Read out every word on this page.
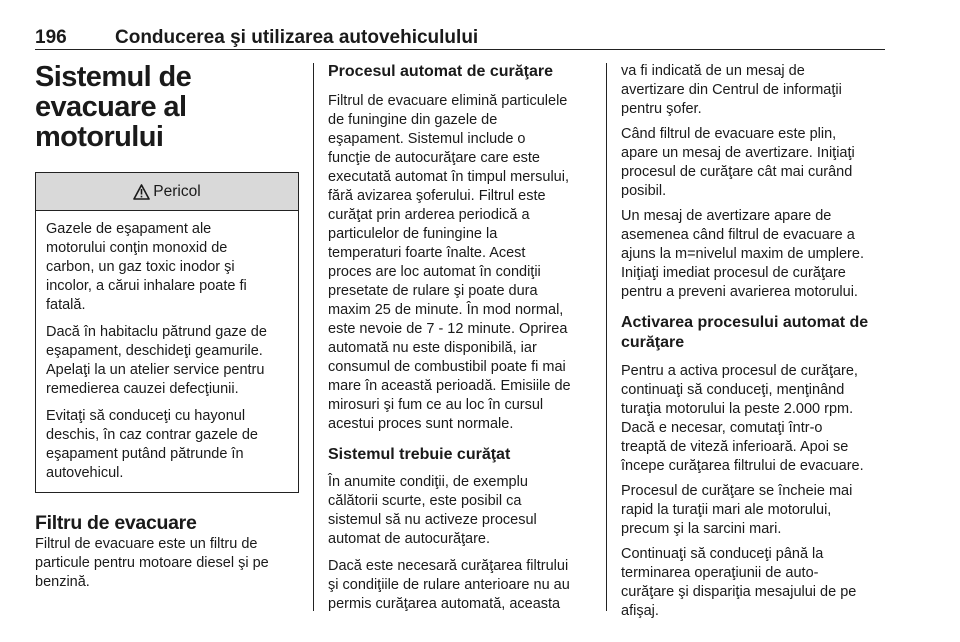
196	Conducerea şi utilizarea autovehiculului
Sistemul de evacuare al
motorului
Pericol

Gazele de eşapament ale
motorului conţin monoxid de
carbon, un gaz toxic inodor şi
incolor, a cărui inhalare poate fi
fatală.

Dacă în habitaclu pătrund gaze de
eşapament, deschideţi geamurile.
Apelaţi la un atelier service pentru
remedierea cauzei defecţiunii.

Evitaţi să conduceţi cu hayonul
deschis, în caz contrar gazele de
eşapament putând pătrunde în
autovehicul.

Filtru de evacuare

Filtrul de evacuare este un filtru de
particule pentru motoare diesel şi pe
benzină.

Procesul automat de curăţare

Filtrul de evacuare elimină particulele
de funingine din gazele de
eşapament. Sistemul include o
funcţie de autocurăţare care este
executată automat în timpul mersului,
fără avizarea şoferului. Filtrul este
curăţat prin arderea periodică a
particulelor de funingine la
temperaturi foarte înalte. Acest
proces are loc automat în condiţii
presetate de rulare şi poate dura
maxim 25 de minute. În mod normal,
este nevoie de 7 - 12 minute. Oprirea
automată nu este disponibilă, iar
consumul de combustibil poate fi mai
mare în această perioadă. Emisiile de
mirosuri şi fum ce au loc în cursul
acestui proces sunt normale.

Sistemul trebuie curăţat

În anumite condiţii, de exemplu
călătorii scurte, este posibil ca
sistemul să nu activeze procesul
automat de autocurăţare.

Dacă este necesară curăţarea filtrului
şi condiţiile de rulare anterioare nu au
permis curăţarea automată, aceasta

va fi indicată de un mesaj de
avertizare din Centrul de informaţii
pentru şofer.

Când filtrul de evacuare este plin,
apare un mesaj de avertizare. Iniţiaţi
procesul de curăţare cât mai curând
posibil.

Un mesaj de avertizare apare de
asemenea când filtrul de evacuare a
ajuns la m=nivelul maxim de umplere.
Iniţiaţi imediat procesul de curăţare
pentru a preveni avarierea motorului.

Activarea procesului automat de
curăţare

Pentru a activa procesul de curăţare,
continuaţi să conduceţi, menţinând
turaţia motorului la peste 2.000 rpm.
Dacă e necesar, comutaţi într-o
treaptă de viteză inferioară. Apoi se
începe curăţarea filtrului de evacuare.

Procesul de curăţare se încheie mai
rapid la turaţii mari ale motorului,
precum şi la sarcini mari.

Continuaţi să conduceţi până la
terminarea operaţiunii de auto-
curăţare şi dispariţia mesajului de pe
afişaj.
